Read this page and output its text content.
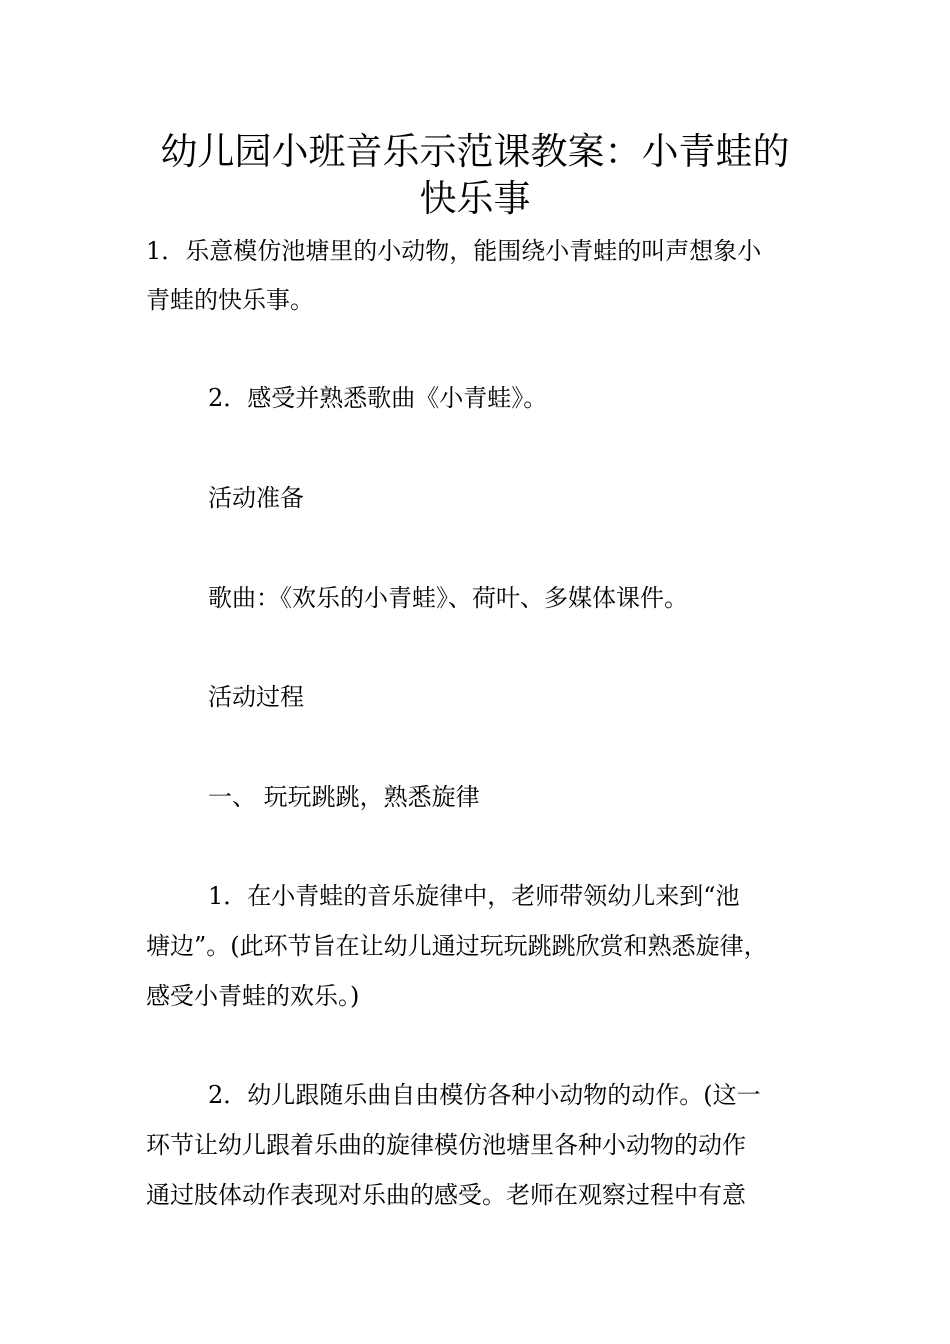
幼儿园小班音乐示范课教案：小青蛙的
快乐事

1．乐意模仿池塘里的小动物，能围绕小青蛙的叫声想象小

青蛙的快乐事。

2．感受并熟悉歌曲《小青蛙》。

活动准备

歌曲：《欢乐的小青蛙》、荷叶、多媒体课件。

活动过程

一、 玩玩跳跳，熟悉旋律

1．在小青蛙的音乐旋律中，老师带领幼儿来到“池

塘边”。(此环节旨在让幼儿通过玩玩跳跳欣赏和熟悉旋律，

感受小青蛙的欢乐。)

2．幼儿跟随乐曲自由模仿各种小动物的动作。(这一

环节让幼儿跟着乐曲的旋律模仿池塘里各种小动物的动作

通过肢体动作表现对乐曲的感受。老师在观察过程中有意
